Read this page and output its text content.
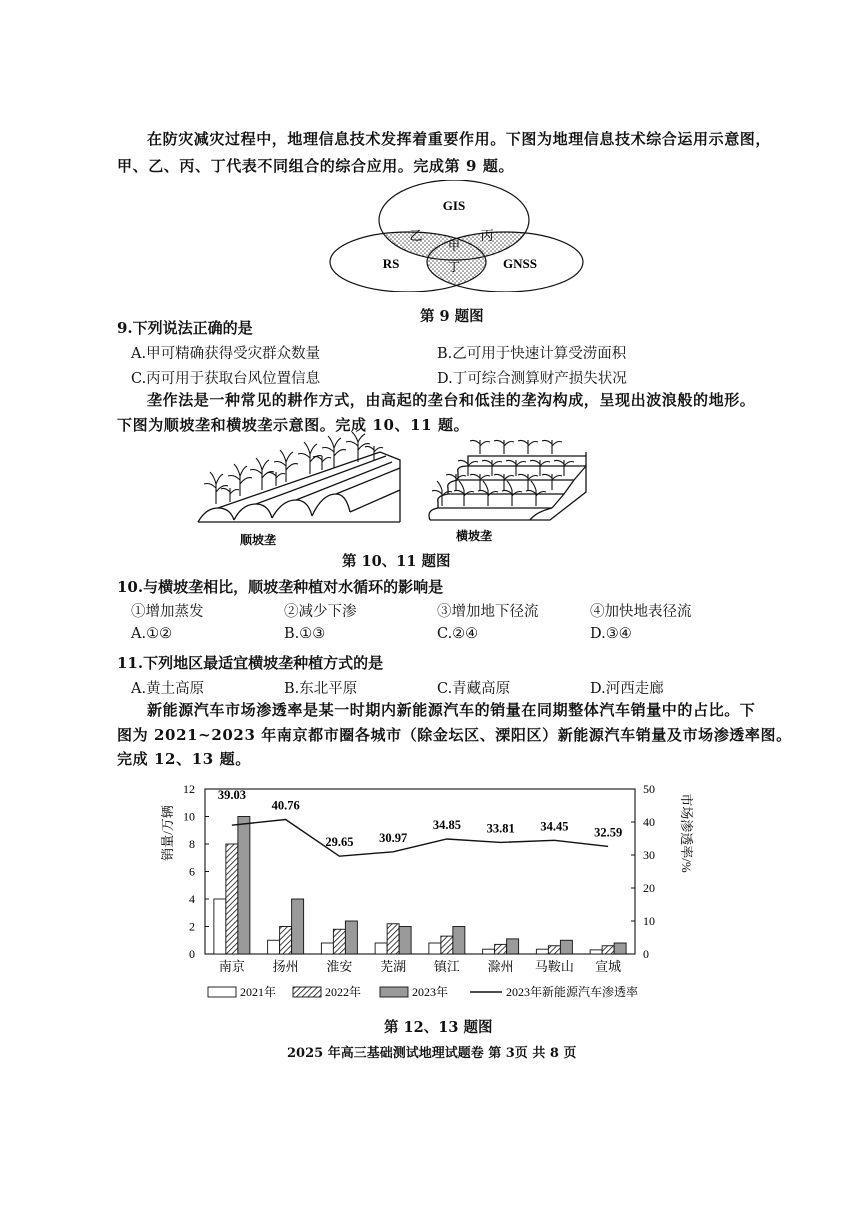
在防灾减灾过程中，地理信息技术发挥着重要作用。下图为地理信息技术综合运用示意图，
甲、乙、丙、丁代表不同组合的综合应用。完成第 9 题。
GIS
RS	GNSS
乙	丙
甲
丁
第 9 题图
9.下列说法正确的是
A.甲可精确获得受灾群众数量	B.乙可用于快速计算受涝面积
C.丙可用于获取台风位置信息	D.丁可综合测算财产损失状况
垄作法是一种常见的耕作方式，由高起的垄台和低洼的垄沟构成，呈现出波浪般的地形。
下图为顺坡垄和横坡垄示意图。完成 10、11 题。
顺坡垄	横坡垄
第 10、11 题图
10.与横坡垄相比，顺坡垄种植对水循环的影响是
①增加蒸发	②减少下渗	③增加地下径流	④加快地表径流
A.①②	B.①③	C.②④	D.③④
11.下列地区最适宜横坡垄种植方式的是
A.黄土高原	B.东北平原	C.青藏高原	D.河西走廊
新能源汽车市场渗透率是某一时期内新能源汽车的销量在同期整体汽车销量中的占比。下
图为 2021~2023 年南京都市圈各城市（除金坛区、溧阳区）新能源汽车销量及市场渗透率图。
完成 12、13 题。
0
2
4
6
8
10
12
0
10
20
30
40
50
南京 扬州 淮安 芜湖 镇江 滁州 马鞍山 宣城
39.03
40.76
29.65 30.97
34.85 33.81 34.45 32.59
销量/万辆	市场渗透率/%
2021年	2022年	2023年	2023年新能源汽车渗透率
第 12、13 题图
2025 年高三基础测试地理试题卷 第 3页 共 8 页
